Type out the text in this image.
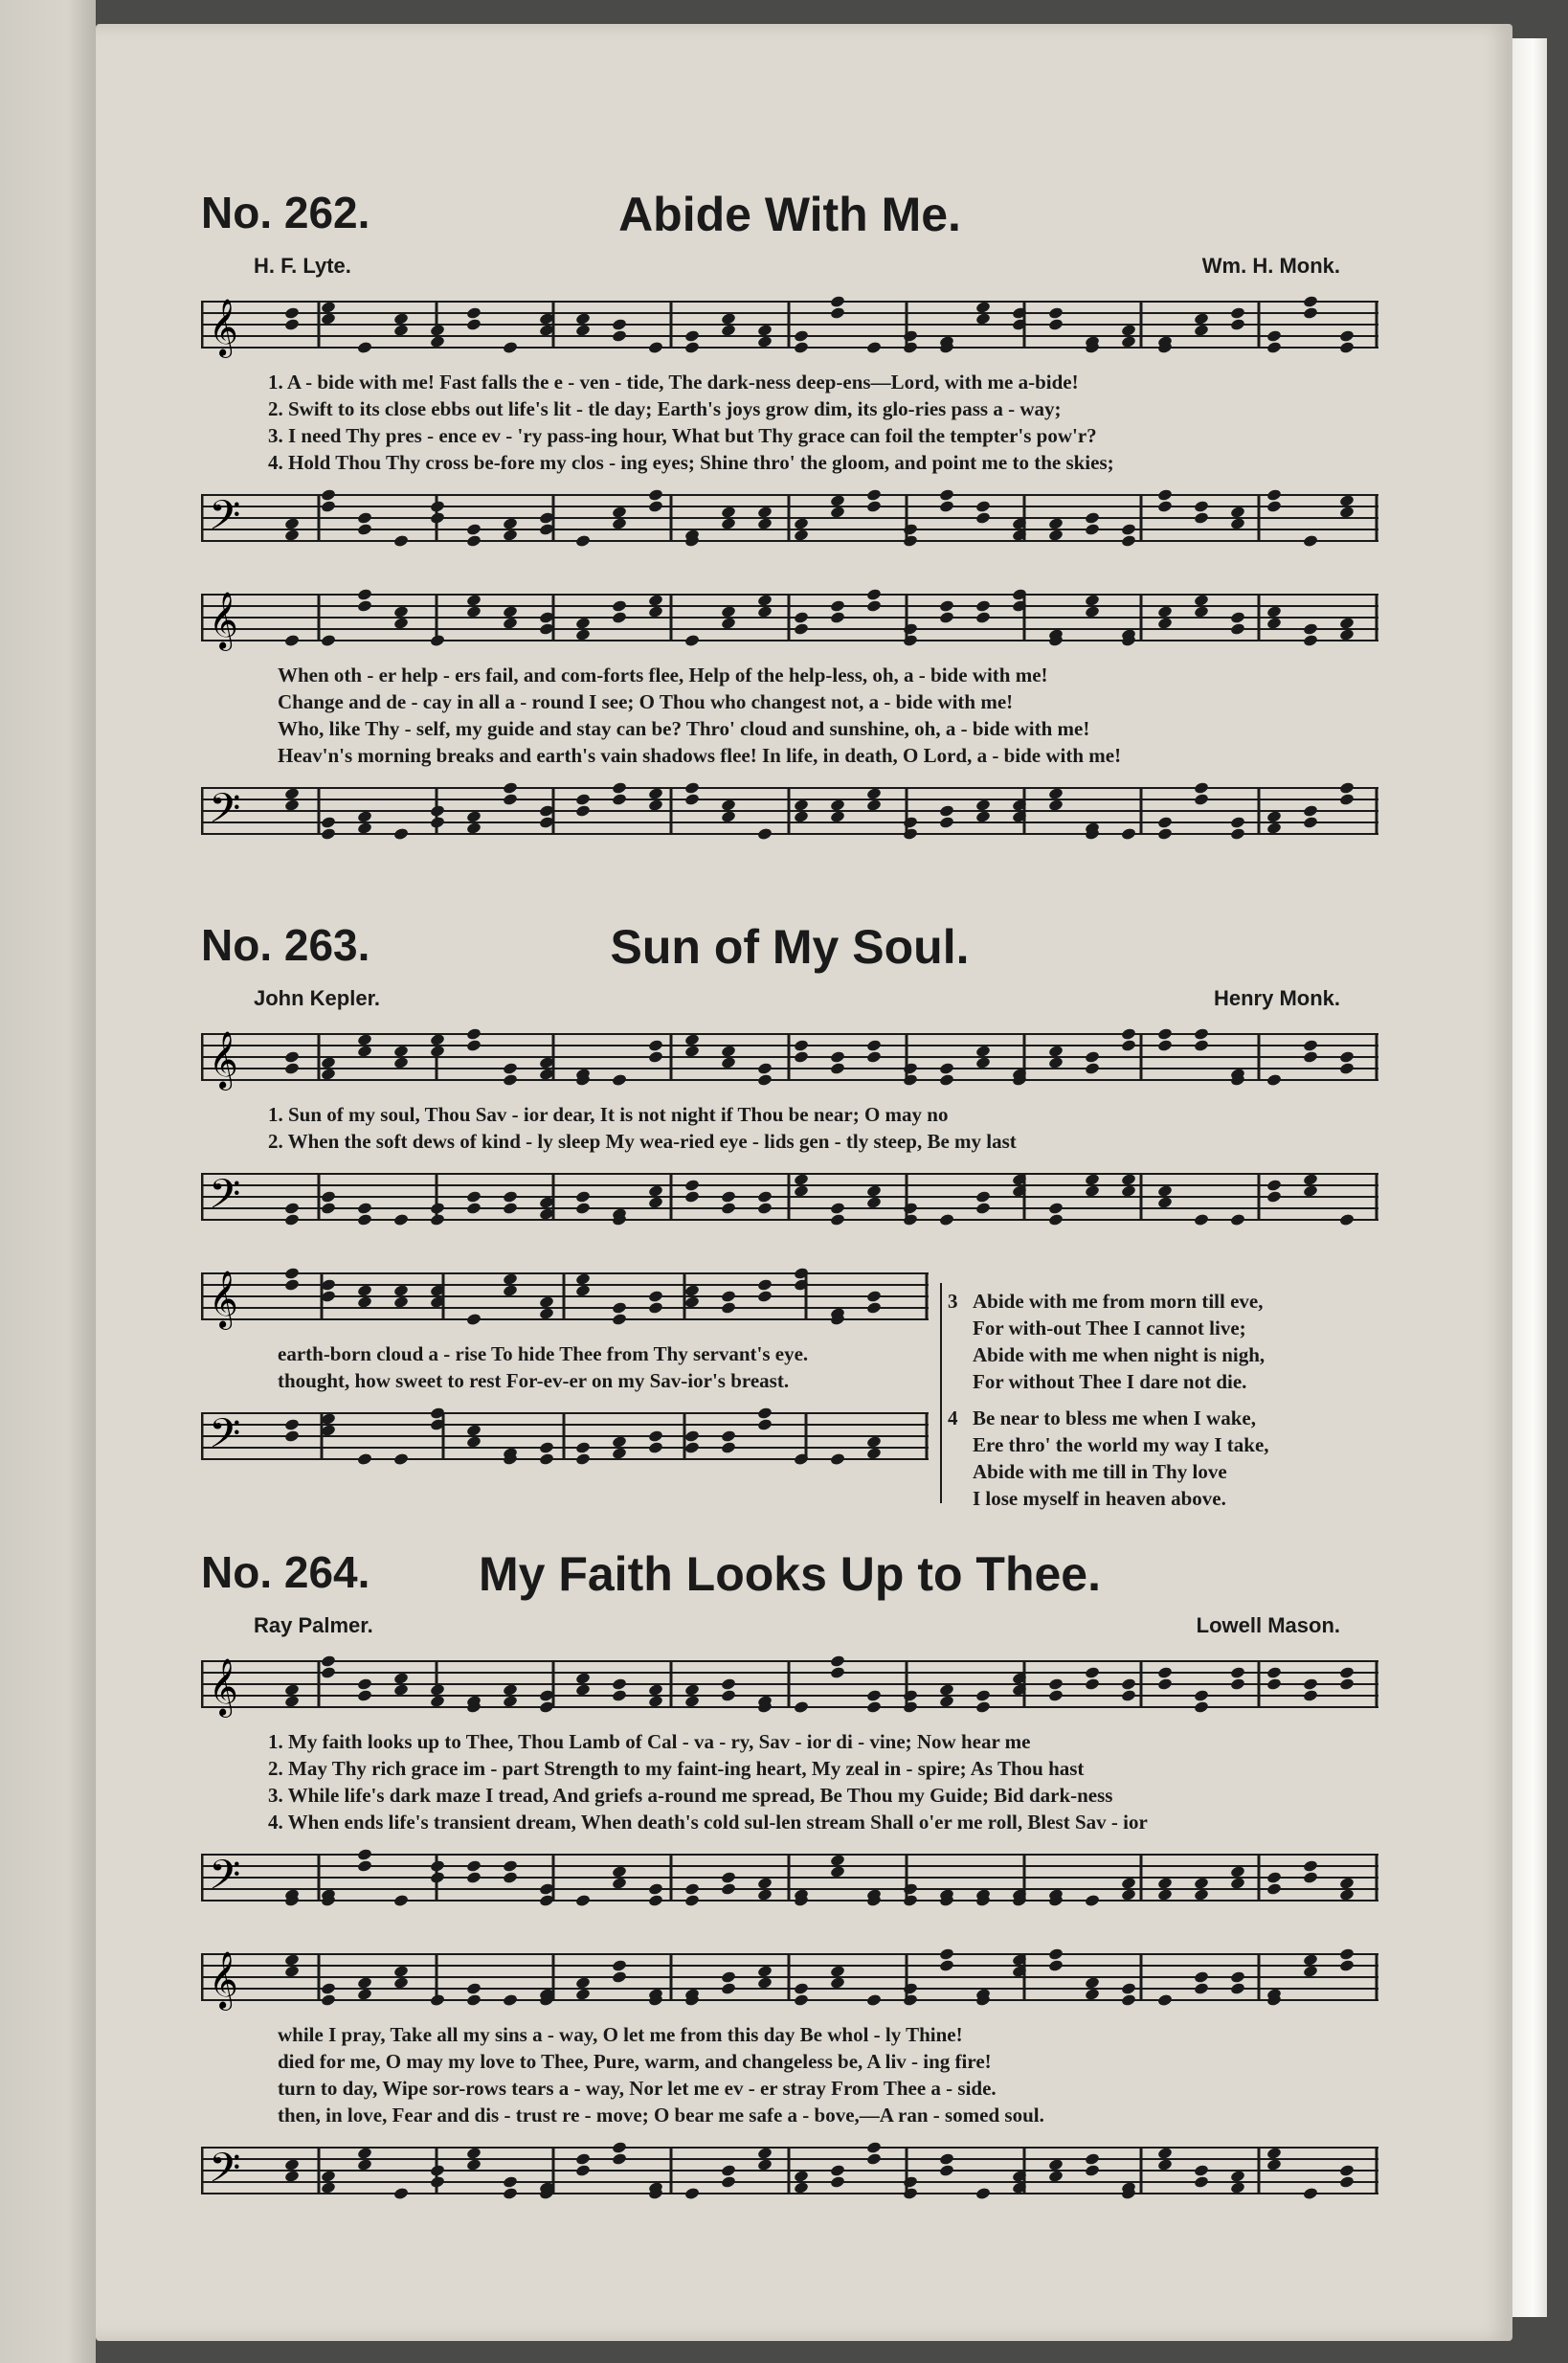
No. 262.	Abide With Me.
H. F. Lyte.	Wm. H. Monk.
𝄞
1. A - bide with me! Fast falls the e - ven - tide, The dark-ness deep-ens—Lord, with me a-bide!
2. Swift to its close ebbs out life's lit - tle day; Earth's joys grow dim, its glo-ries pass a - way;
3. I need Thy pres - ence ev - 'ry pass-ing hour, What but Thy grace can foil the tempter's pow'r?
4. Hold Thou Thy cross be-fore my clos - ing eyes; Shine thro' the gloom, and point me to the skies;
𝄢
𝄞
When oth - er help - ers fail, and com-forts flee, Help of the help-less, oh, a - bide with me!
Change and de - cay in all a - round I see; O Thou who changest not, a - bide with me!
Who, like Thy - self, my guide and stay can be? Thro' cloud and sunshine, oh, a - bide with me!
Heav'n's morning breaks and earth's vain shadows flee! In life, in death, O Lord, a - bide with me!
𝄢
No. 263.	Sun of My Soul.
John Kepler.	Henry Monk.
𝄞
1. Sun of my soul, Thou Sav - ior dear, It is not night if Thou be near; O may no
2. When the soft dews of kind - ly sleep My wea-ried eye - lids gen - tly steep, Be my last
𝄢
𝄞
earth-born cloud a - rise To hide Thee from Thy servant's eye.
thought, how sweet to rest For-ev-er on my Sav-ior's breast.
𝄢
3 Abide with me from morn till eve,
For with-out Thee I cannot live;
Abide with me when night is nigh,
For without Thee I dare not die.
4 Be near to bless me when I wake,
Ere thro' the world my way I take,
Abide with me till in Thy love
I lose myself in heaven above.
No. 264.	My Faith Looks Up to Thee.
Ray Palmer.	Lowell Mason.
𝄞
1. My faith looks up to Thee, Thou Lamb of Cal - va - ry, Sav - ior di - vine; Now hear me
2. May Thy rich grace im - part Strength to my faint-ing heart, My zeal in - spire; As Thou hast
3. While life's dark maze I tread, And griefs a-round me spread, Be Thou my Guide; Bid dark-ness
4. When ends life's transient dream, When death's cold sul-len stream Shall o'er me roll, Blest Sav - ior
𝄢
𝄞
while I pray, Take all my sins a - way, O let me from this day Be whol - ly Thine!
died for me, O may my love to Thee, Pure, warm, and changeless be, A liv - ing fire!
turn to day, Wipe sor-rows tears a - way, Nor let me ev - er stray From Thee a - side.
then, in love, Fear and dis - trust re - move; O bear me safe a - bove,—A ran - somed soul.
𝄢
